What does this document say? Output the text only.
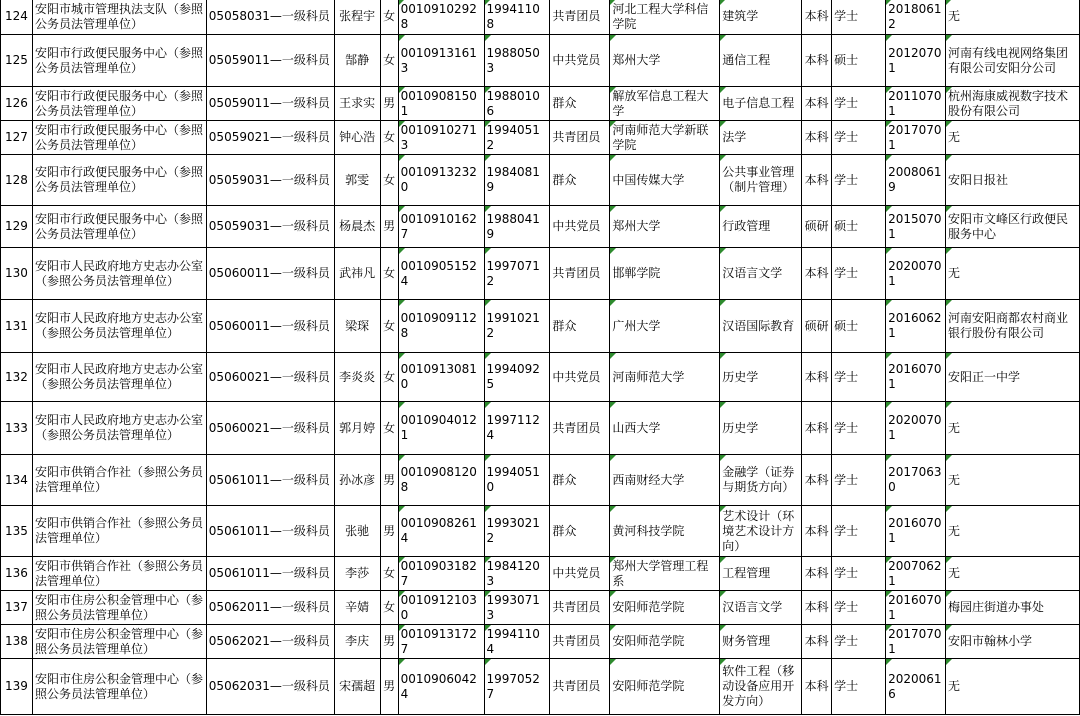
124	安阳市城市管理执法支队（参照公务员法管理单位）	05058031—一级科员	张程宇	女	00109102928	19941108	共青团员	河北工程大学科信学院	建筑学	本科	学士	20180612	无
125	安阳市行政便民服务中心（参照公务员法管理单位）	05059011—一级科员	郜静	女	00109131613	19880503	中共党员	郑州大学	通信工程	本科	硕士	20120701	河南有线电视网络集团有限公司安阳分公司
126	安阳市行政便民服务中心（参照公务员法管理单位）	05059011—一级科员	王求实	男	00109081501	19880106	群众	解放军信息工程大学	电子信息工程	本科	学士	20110701	杭州海康威视数字技术股份有限公司
127	安阳市行政便民服务中心（参照公务员法管理单位）	05059021—一级科员	钟心浩	女	00109102713	19940512	共青团员	河南师范大学新联学院	法学	本科	学士	20170701	无
128	安阳市行政便民服务中心（参照公务员法管理单位）	05059031—一级科员	郭雯	女	00109132320	19840819	群众	中国传媒大学	公共事业管理（制片管理）	本科	学士	20080619	安阳日报社
129	安阳市行政便民服务中心（参照公务员法管理单位）	05059031—一级科员	杨晨杰	男	00109101627	19880419	中共党员	郑州大学	行政管理	硕研	硕士	20150701	安阳市文峰区行政便民服务中心
130	安阳市人民政府地方史志办公室（参照公务员法管理单位）	05060011—一级科员	武祎凡	女	00109051524	19970712	共青团员	邯郸学院	汉语言文学	本科	学士	20200701	无
131	安阳市人民政府地方史志办公室（参照公务员法管理单位）	05060011—一级科员	梁琛	女	00109091128	19910212	群众	广州大学	汉语国际教育	硕研	硕士	20160621	河南安阳商都农村商业银行股份有限公司
132	安阳市人民政府地方史志办公室（参照公务员法管理单位）	05060021—一级科员	李炎炎	女	00109130810	19940925	中共党员	河南师范大学	历史学	本科	学士	20160701	安阳正一中学
133	安阳市人民政府地方史志办公室（参照公务员法管理单位）	05060021—一级科员	郭月婷	女	00109040121	19971124	共青团员	山西大学	历史学	本科	学士	20200701	无
134	安阳市供销合作社（参照公务员法管理单位）	05061011—一级科员	孙冰彦	男	00109081208	19940510	群众	西南财经大学	金融学（证券与期货方向）	本科	学士	20170630	无
135	安阳市供销合作社（参照公务员法管理单位）	05061011—一级科员	张驰	男	00109082614	19930212	群众	黄河科技学院	艺术设计（环境艺术设计方向）	本科	学士	20160701	无
136	安阳市供销合作社（参照公务员法管理单位）	05061011—一级科员	李莎	女	00109031827	19841203	中共党员	郑州大学管理工程系	工程管理	本科	学士	20070621	无
137	安阳市住房公积金管理中心（参照公务员法管理单位）	05062011—一级科员	辛婧	女	00109121030	19930713	共青团员	安阳师范学院	汉语言文学	本科	学士	20160701	梅园庄街道办事处
138	安阳市住房公积金管理中心（参照公务员法管理单位）	05062021—一级科员	李庆	男	00109131727	19941104	共青团员	安阳师范学院	财务管理	本科	学士	20170701	安阳市翰林小学
139	安阳市住房公积金管理中心（参照公务员法管理单位）	05062031—一级科员	宋孺超	男	00109060424	19970527	共青团员	安阳师范学院	软件工程（移动设备应用开发方向）	本科	学士	20200616	无
